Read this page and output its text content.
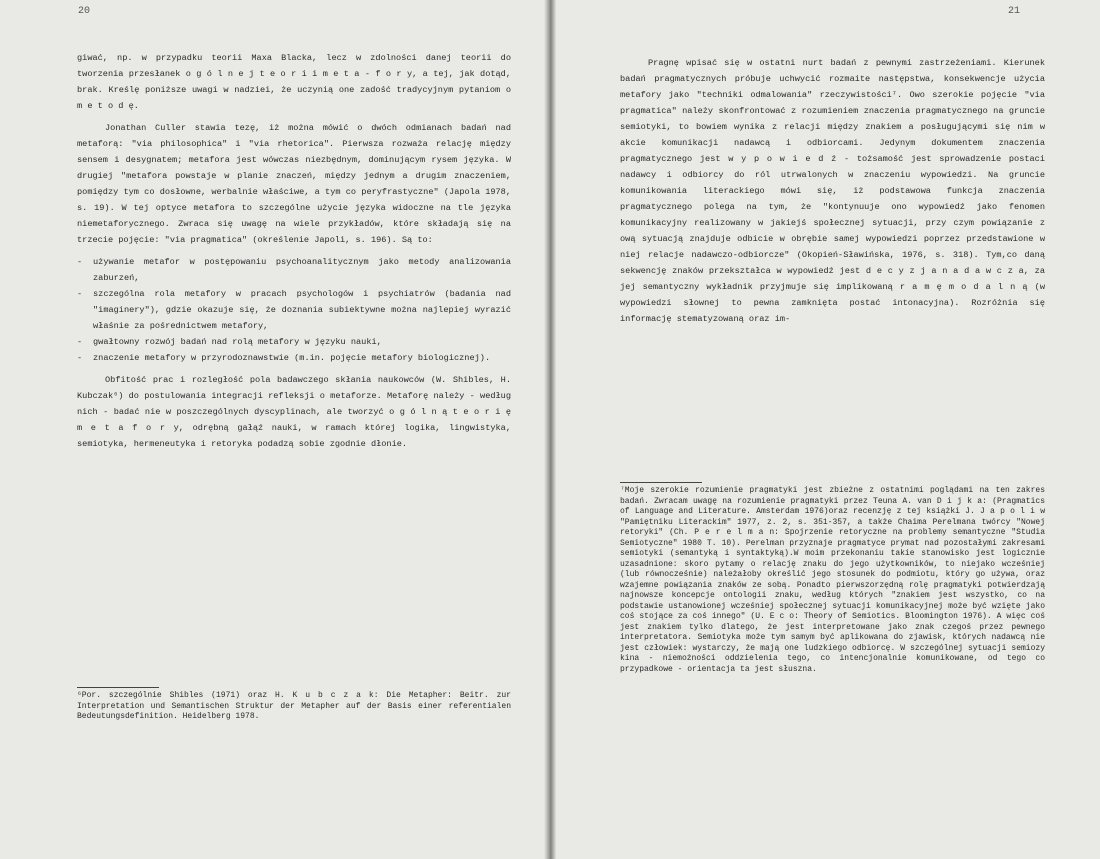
20

giwać, np. w przypadku teorii Maxa Blacka, lecz w zdolności danej teorii do tworzenia przesłanek o g ó l n e j t e o r i i m e t a - f o r y, a tej, jak dotąd, brak. Kreślę poniższe uwagi w nadziei, że uczynią one zadość tradycyjnym pytaniom o m e t o d ę.

Jonathan Culler stawia tezę, iż można mówić o dwóch odmianach badań nad metaforą: "via philosophica" i "via rhetorica". Pierwsza rozważa relację między sensem i desygnatem; metafora jest wówczas niezbędnym, dominującym rysem języka. W drugiej "metafora powstaje w planie znaczeń, między jednym a drugim znaczeniem, pomiędzy tym co dosłowne, werbalnie właściwe, a tym co peryfrastyczne" (Japola 1978, s. 19). W tej optyce metafora to szczególne użycie języka widoczne na tle języka niemetaforycznego. Zwraca się uwagę na wiele przykładów, które składają się na trzecie pojęcie: "via pragmatica" (określenie Japoli, s. 196). Są to:

- używanie metafor w postępowaniu psychoanalitycznym jako metody analizowania zaburzeń,
- szczególna rola metafory w pracach psychologów i psychiatrów (badania nad "imaginery"), gdzie okazuje się, że doznania subiektywne można najlepiej wyrazić właśnie za pośrednictwem metafory,
- gwałtowny rozwój badań nad rolą metafory w języku nauki,
- znaczenie metafory w przyrodoznawstwie (m.in. pojęcie metafory biologicznej).

Obfitość prac i rozległość pola badawczego skłania naukowców (W. Shibles, H. Kubczak⁶) do postulowania integracji refleksji o metaforze. Metaforę należy - według nich - badać nie w poszczególnych dyscyplinach, ale tworzyć o g ó l n ą t e o r i ę m e t a f o r y, odrębną gałąź nauki, w ramach której logika, lingwistyka, semiotyka, hermeneutyka i retoryka podadzą sobie zgodnie dłonie.

⁶Por. szczególnie Shibles (1971) oraz H. K u b c z a k: Die Metapher: Beitr. zur Interpretation und Semantischen Struktur der Metapher auf der Basis einer referentialen Bedeutungsdefinition. Heidelberg 1978.
21

Pragnę wpisać się w ostatni nurt badań z pewnymi zastrzeżeniami. Kierunek badań pragmatycznych próbuje uchwycić rozmaite następstwa, konsekwencje użycia metafory jako "techniki odmalowania" rzeczywistości⁷. Owo szerokie pojęcie "via pragmatica" należy skonfrontować z rozumieniem znaczenia pragmatycznego na gruncie semiotyki, to bowiem wynika z relacji między znakiem a posługującymi się nim w akcie komunikacji nadawcą i odbiorcami. Jedynym dokumentem znaczenia pragmatycznego jest w y p o w i e d ź - tożsamość jest sprowadzenie postaci nadawcy i odbiorcy do ról utrwalonych w znaczeniu wypowiedzi. Na gruncie komunikowania literackiego mówi się, iż podstawowa funkcja znaczenia pragmatycznego polega na tym, że "kontynuuje ono wypowiedź jako fenomen komunikacyjny realizowany w jakiejś społecznej sytuacji, przy czym powiązanie z ową sytuacją znajduje odbicie w obrębie samej wypowiedzi poprzez przedstawione w niej relacje nadawczo-odbiorcze" (Okopień-Sławińska, 1976, s. 318). Tym,co daną sekwencję znaków przekształca w wypowiedź jest d e c y z j a n a d a w c z a, za jej semantyczny wykładnik przyjmuje się implikowaną r a m ę m o d a l n ą (w wypowiedzi słownej to pewna zamknięta postać intonacyjna). Rozróżnia się informację stematyzowaną oraz im-

⁷Moje szerokie rozumienie pragmatyki jest zbieżne z ostatnimi poglądami na ten zakres badań. Zwracam uwagę na rozumienie pragmatyki przez Teuna A. van D i j k a: (Pragmatics of Language and Literature. Amsterdam 1976)oraz recenzję z tej książki J. J a p o l i w "Pamiętniku Literackim" 1977, z. 2, s. 351-357, a także Chaima Perelmana twórcy "Nowej retoryki" (Ch. P e r e l m a n: Spojrzenie retoryczne na problemy semantyczne "Studia Semiotyczne" 1980 T. 10). Perelman przyznaje pragmatyce prymat nad pozostałymi zakresami semiotyki (semantyką i syntaktyką).W moim przekonaniu takie stanowisko jest logicznie uzasadnione: skoro pytamy o relację znaku do jego użytkowników, to niejako wcześniej (lub równocześnie) należałoby określić jego stosunek do podmiotu, który go używa, oraz wzajemne powiązania znaków ze sobą. Ponadto pierwszorzędną rolę pragmatyki potwierdzają najnowsze koncepcje ontologii znaku, według których "znakiem jest wszystko, co na podstawie ustanowionej wcześniej społecznej sytuacji komunikacyjnej może być wzięte jako coś stojące za coś innego" (U. E c o: Theory of Semiotics. Bloomington 1976). A więc coś jest znakiem tylko dlatego, że jest interpretowane jako znak czegoś przez pewnego interpretatora. Semiotyka może tym samym być aplikowana do zjawisk, których nadawcą nie jest człowiek: wystarczy, że mają one ludzkiego odbiorcę. W szczególnej sytuacji semiozy kina - niemożności oddzielenia tego, co intencjonalnie komunikowane, od tego co przypadkowe - orientacja ta jest słuszna.
